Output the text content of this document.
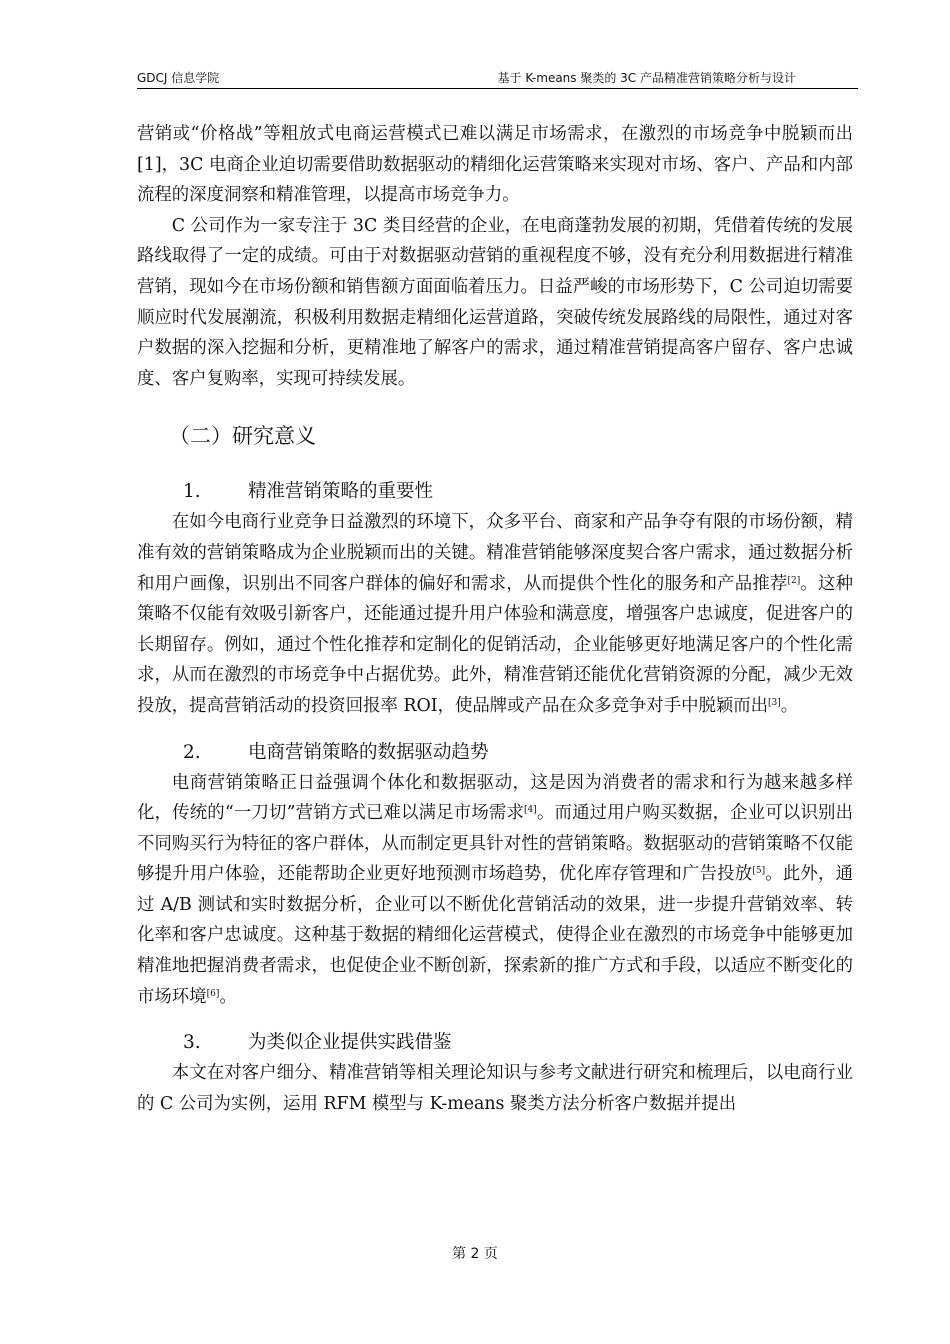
GDCJ 信息学院	基于 K-means 聚类的 3C 产品精准营销策略分析与设计

营销或“价格战”等粗放式电商运营模式已难以满足市场需求，在激烈的市场竞争中脱颖而出[1]，3C 电商企业迫切需要借助数据驱动的精细化运营策略来实现对市场、客户、产品和内部流程的深度洞察和精准管理，以提高市场竞争力。

C 公司作为一家专注于 3C 类目经营的企业，在电商蓬勃发展的初期，凭借着传统的发展路线取得了一定的成绩。可由于对数据驱动营销的重视程度不够，没有充分利用数据进行精准营销，现如今在市场份额和销售额方面面临着压力。日益严峻的市场形势下，C 公司迫切需要顺应时代发展潮流，积极利用数据走精细化运营道路，突破传统发展路线的局限性，通过对客户数据的深入挖掘和分析，更精准地了解客户的需求，通过精准营销提高客户留存、客户忠诚度、客户复购率，实现可持续发展。

（二）研究意义
1.	精准营销策略的重要性

在如今电商行业竞争日益激烈的环境下，众多平台、商家和产品争夺有限的市场份额，精准有效的营销策略成为企业脱颖而出的关键。精准营销能够深度契合客户需求，通过数据分析和用户画像，识别出不同客户群体的偏好和需求，从而提供个性化的服务和产品推荐[2]。这种策略不仅能有效吸引新客户，还能通过提升用户体验和满意度，增强客户忠诚度，促进客户的长期留存。例如，通过个性化推荐和定制化的促销活动，企业能够更好地满足客户的个性化需求，从而在激烈的市场竞争中占据优势。此外，精准营销还能优化营销资源的分配，减少无效投放，提高营销活动的投资回报率 ROI，使品牌或产品在众多竞争对手中脱颖而出[3]。

2.	电商营销策略的数据驱动趋势

电商营销策略正日益强调个体化和数据驱动，这是因为消费者的需求和行为越来越多样化，传统的“一刀切”营销方式已难以满足市场需求[4]。而通过用户购买数据，企业可以识别出不同购买行为特征的客户群体，从而制定更具针对性的营销策略。数据驱动的营销策略不仅能够提升用户体验，还能帮助企业更好地预测市场趋势，优化库存管理和广告投放[5]。此外，通过 A/B 测试和实时数据分析，企业可以不断优化营销活动的效果，进一步提升营销效率、转化率和客户忠诚度。这种基于数据的精细化运营模式，使得企业在激烈的市场竞争中能够更加精准地把握消费者需求，也促使企业不断创新，探索新的推广方式和手段，以适应不断变化的市场环境[6]。

3.	为类似企业提供实践借鉴

本文在对客户细分、精准营销等相关理论知识与参考文献进行研究和梳理后，以电商行业的 C 公司为实例，运用 RFM 模型与 K-means 聚类方法分析客户数据并提出

第 2 页
